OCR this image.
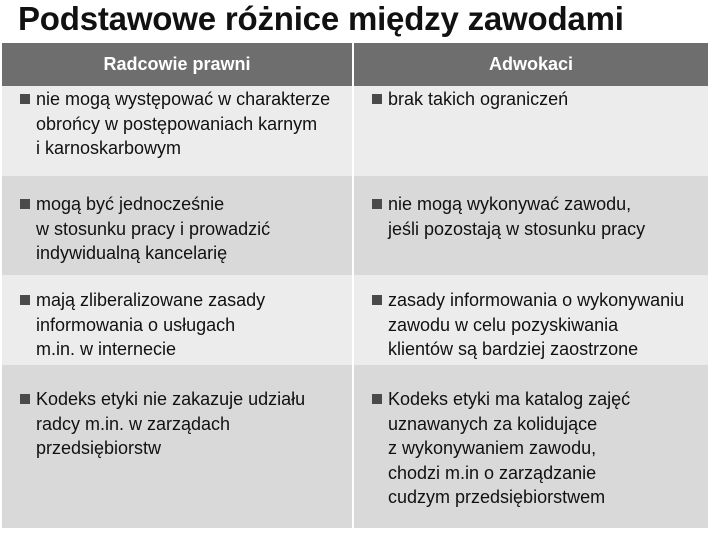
Podstawowe różnice między zawodami
Radcowie prawni	Adwokaci
nie mogą występować w charakterze
obrońcy w postępowaniach karnym
i karnoskarbowym
brak takich ograniczeń
mogą być jednocześnie
w stosunku pracy i prowadzić
indywidualną kancelarię
nie mogą wykonywać zawodu,
jeśli pozostają w stosunku pracy
mają zliberalizowane zasady
informowania o usługach
m.in. w internecie
zasady informowania o wykonywaniu
zawodu w celu pozyskiwania
klientów są bardziej zaostrzone
Kodeks etyki nie zakazuje udziału
radcy m.in. w zarządach
przedsiębiorstw
Kodeks etyki ma katalog zajęć
uznawanych za kolidujące
z wykonywaniem zawodu,
chodzi m.in o zarządzanie
cudzym przedsiębiorstwem
